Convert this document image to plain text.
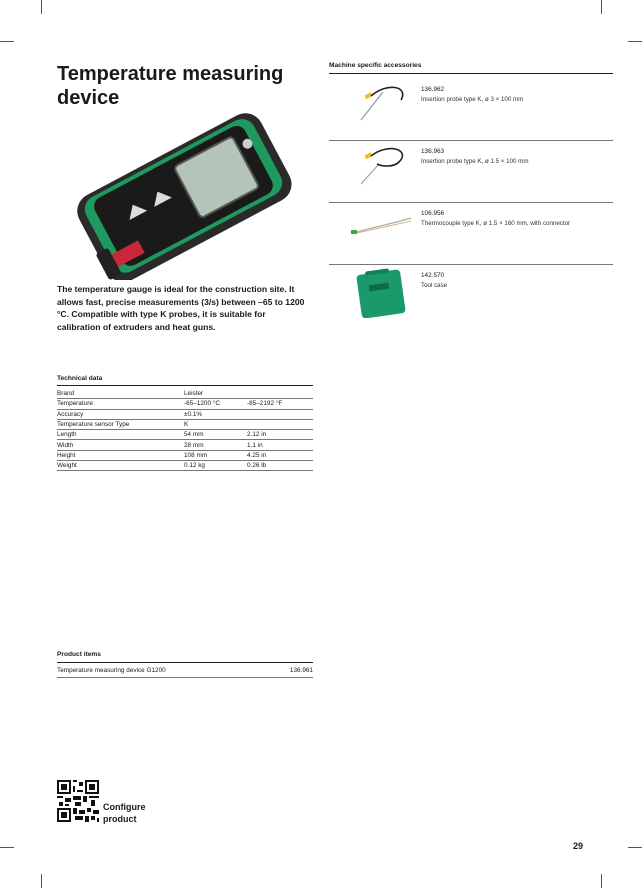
Temperature measuring device

The temperature gauge is ideal for the construction site. It allows fast, precise measurements (3/s) between –65 to 1200 °C. Compatible with type K probes, it is suitable for calibration of extruders and heat guns.

Technical data
Brand	Leister	
Temperature	-65–1200 °C	-85–2192 °F
Accuracy	±0.1%	
Temperature sensor Type	K	
Length	54 mm	2.12 in
Width	28 mm	1.1 in
Height	108 mm	4.25 in
Weight	0.12 kg	0.26 lb
Product items
Temperature measuring device G1200	136.961
Machine specific accessories
136.962
Insertion probe type K, ø 3 × 100 mm
136.963
Insertion probe type K, ø 1.5 × 100 mm
106.956
Thermocouple type K, ø 1.5 × 160 mm, with connector
142.570
Tool case
Configure product
29
